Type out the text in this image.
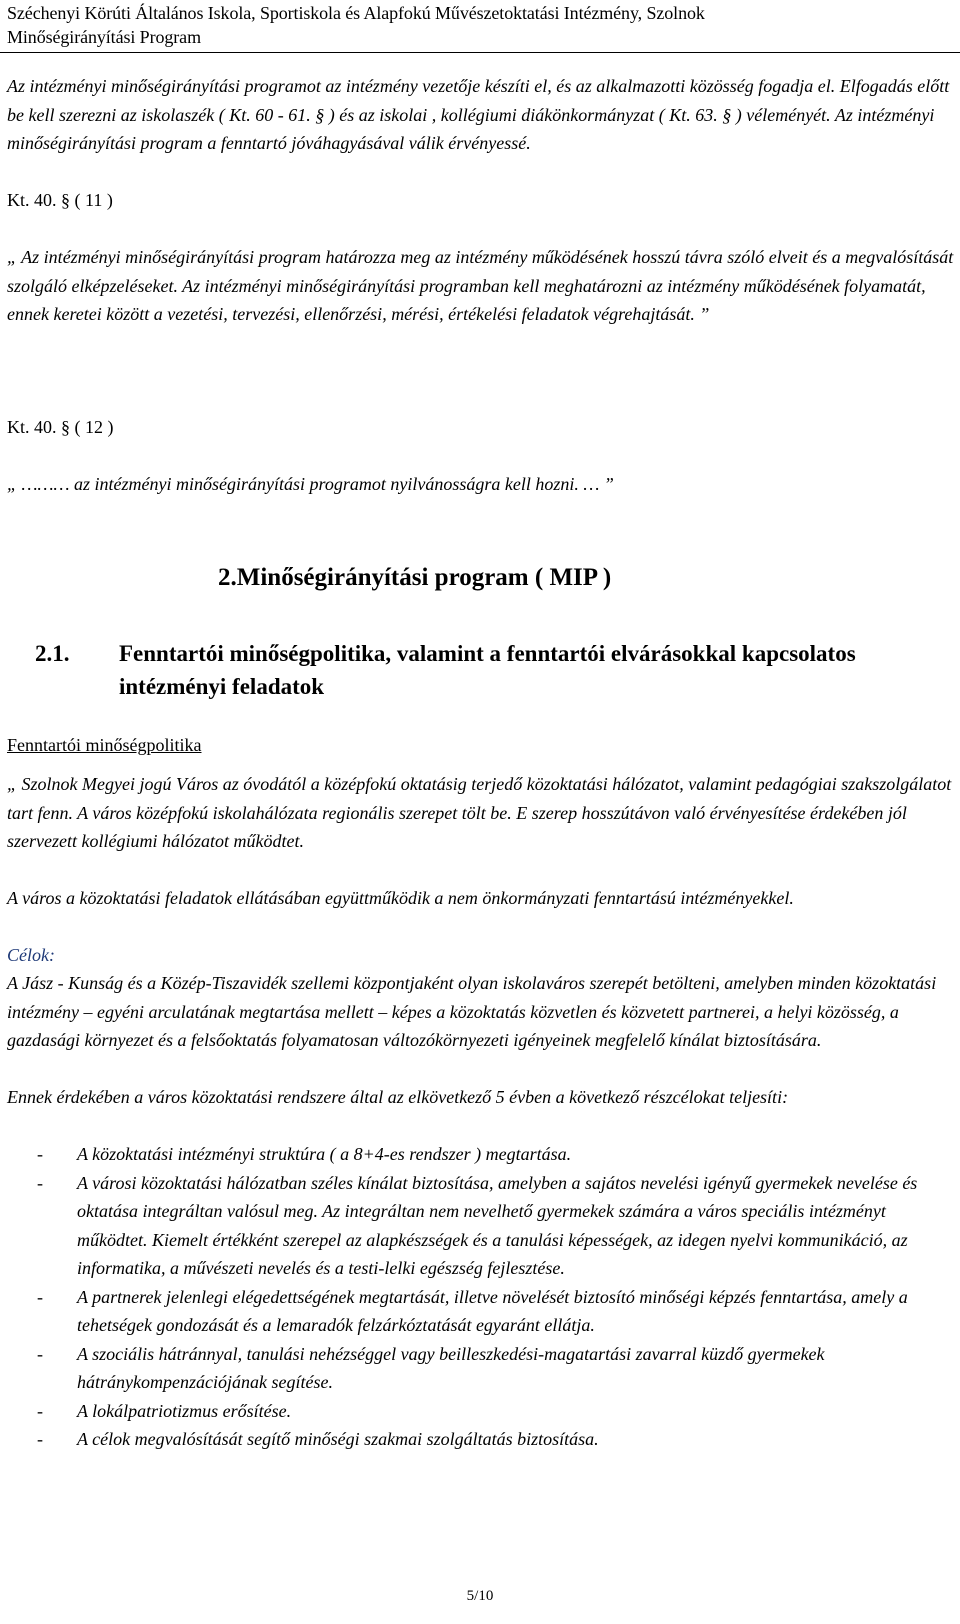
Széchenyi Körúti Általános Iskola, Sportiskola és Alapfokú Művészetoktatási Intézmény, Szolnok
Minőségirányítási Program

Az intézményi minőségirányítási programot az intézmény vezetője készíti el, és az alkalmazotti közösség fogadja el. Elfogadás előtt be kell szerezni az iskolaszék ( Kt. 60 - 61. § ) és az iskolai , kollégiumi diákönkormányzat ( Kt. 63. § ) véleményét. Az intézményi minőségirányítási program a fenntartó jóváhagyásával válik érvényessé.

Kt. 40. § ( 11 )

„ Az intézményi minőségirányítási program határozza meg az intézmény működésének hosszú távra szóló elveit és a megvalósítását szolgáló elképzeléseket. Az intézményi minőségirányítási programban kell meghatározni az intézmény működésének folyamatát, ennek keretei között a vezetési, tervezési, ellenőrzési, mérési, értékelési feladatok végrehajtását. ”

Kt. 40. § ( 12 )

„ ……… az intézményi minőségirányítási programot nyilvánosságra kell hozni. … ”

2.Minőségirányítási program ( MIP )
2.1. Fenntartói minőségpolitika, valamint a fenntartói elvárásokkal kapcsolatos intézményi feladatok
Fenntartói minőségpolitika

„ Szolnok Megyei jogú Város az óvodától a középfokú oktatásig terjedő közoktatási hálózatot, valamint pedagógiai szakszolgálatot tart fenn. A város középfokú iskolahálózata regionális szerepet tölt be. E szerep hosszútávon való érvényesítése érdekében jól szervezett kollégiumi hálózatot működtet.

A város a közoktatási feladatok ellátásában együttműködik a nem önkormányzati fenntartású intézményekkel.

Célok:

A Jász - Kunság és a Közép-Tiszavidék szellemi központjaként olyan iskolaváros szerepét betölteni, amelyben minden közoktatási intézmény – egyéni arculatának megtartása mellett – képes a közoktatás közvetlen és közvetett partnerei, a helyi közösség, a gazdasági környezet és a felsőoktatás folyamatosan változókörnyezeti igényeinek megfelelő kínálat biztosítására.

Ennek érdekében a város közoktatási rendszere által az elkövetkező 5 évben a következő részcélokat teljesíti:

- A közoktatási intézményi struktúra ( a 8+4-es rendszer ) megtartása.
- A városi közoktatási hálózatban széles kínálat biztosítása, amelyben a sajátos nevelési igényű gyermekek nevelése és oktatása integráltan valósul meg. Az integráltan nem nevelhető gyermekek számára a város speciális intézményt működtet. Kiemelt értékként szerepel az alapkészségek és a tanulási képességek, az idegen nyelvi kommunikáció, az informatika, a művészeti nevelés és a testi-lelki egészség fejlesztése.
- A partnerek jelenlegi elégedettségének megtartását, illetve növelését biztosító minőségi képzés fenntartása, amely a tehetségek gondozását és a lemaradók felzárkóztatását egyaránt ellátja.
- A szociális hátránnyal, tanulási nehézséggel vagy beilleszkedési-magatartási zavarral küzdő gyermekek hátránykompenzációjának segítése.
- A lokálpatriotizmus erősítése.
- A célok megvalósítását segítő minőségi szakmai szolgáltatás biztosítása.
5/10
